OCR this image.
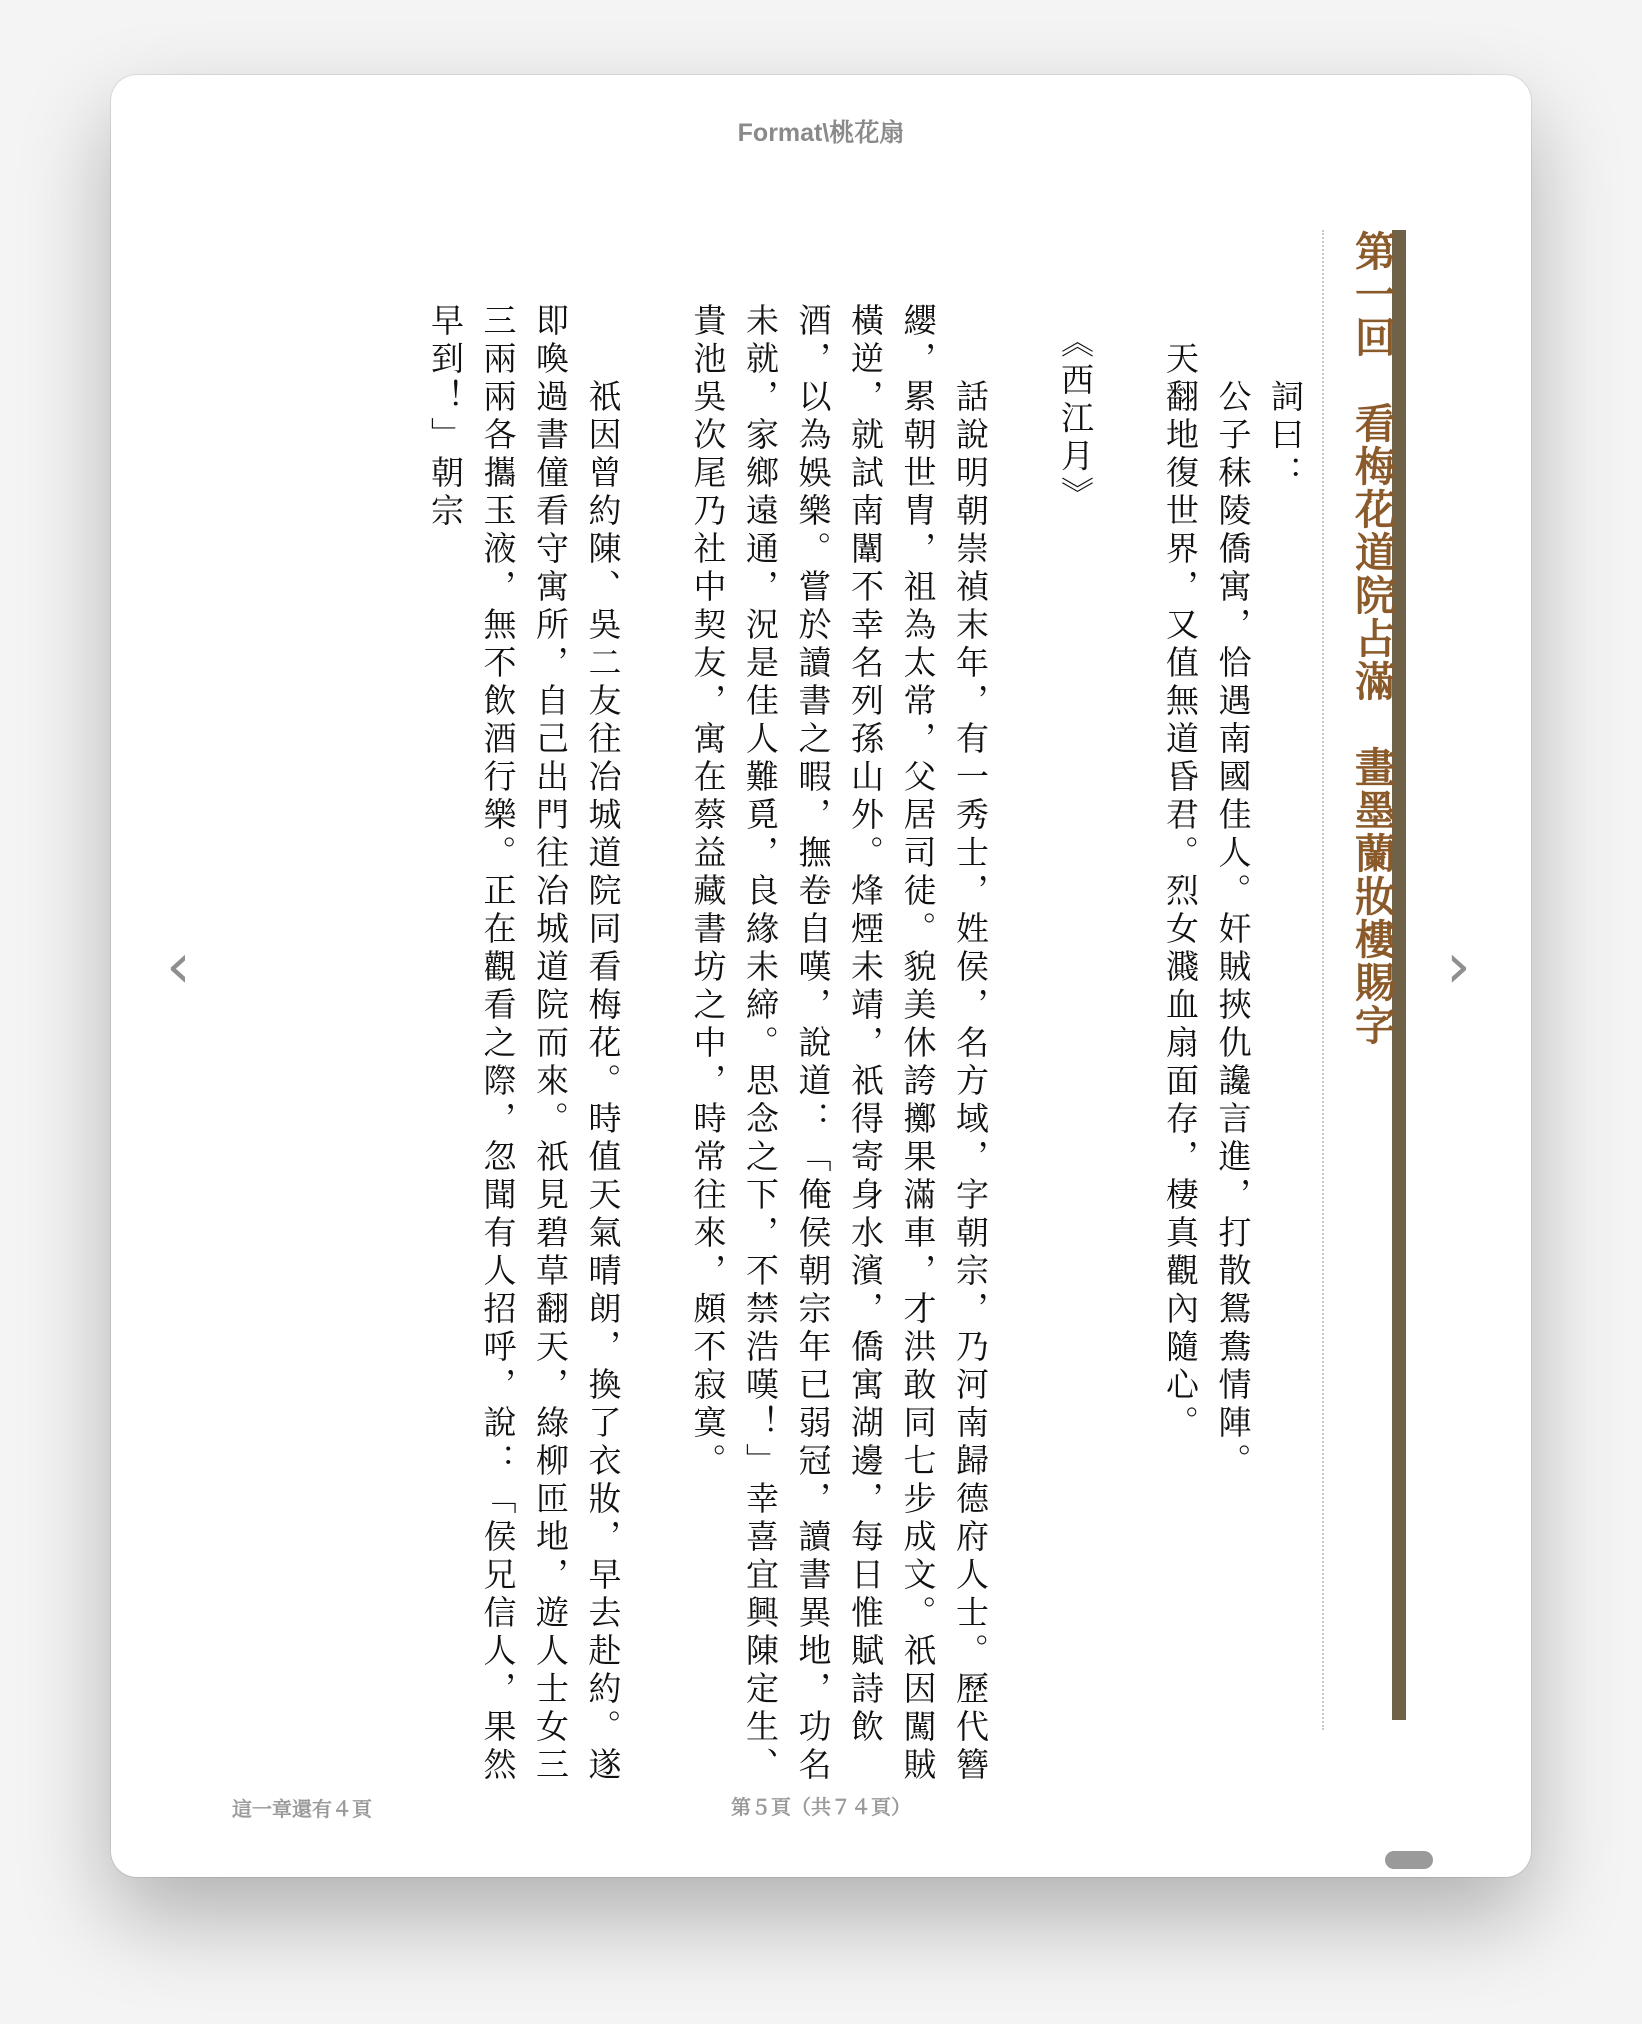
Format\桃花扇
‹	›
第一回　看梅花道院占滿　畫墨蘭妝樓賜字

　　詞曰：

　　公子秣陵僑寓，恰遇南國佳人。奸賊挾仇讒言進，打散鴛鴦情陣。

　天翻地復世界，又值無道昏君。烈女濺血扇面存，棲真觀內隨心。

　《西江月》

　　話說明朝崇禎末年，有一秀士，姓侯，名方域，字朝宗，乃河南歸德府人士。歷代簪纓，累朝世胄，祖為太常，父居司徒。貌美休誇擲果滿車，才洪敢同七步成文。祇因闖賊橫逆，就試南闈不幸名列孫山外。烽煙未靖，祇得寄身水濱，僑寓湖邊，每日惟賦詩飲酒，以為娛樂。嘗於讀書之暇，撫卷自嘆，說道：「俺侯朝宗年已弱冠，讀書異地，功名未就，家鄉遠通，況是佳人難覓，良緣未締。思念之下，不禁浩嘆！」幸喜宜興陳定生、貴池吳次尾乃社中契友，寓在蔡益藏書坊之中，時常往來，頗不寂寞。

　　祇因曾約陳、吳二友往冶城道院同看梅花。時值天氣晴朗，換了衣妝，早去赴約。遂即喚過書僮看守寓所，自己出門往冶城道院而來。祇見碧草翻天，綠柳匝地，遊人士女三三兩兩各攜玉液，無不飲酒行樂。正在觀看之際，忽聞有人招呼，說：「侯兄信人，果然早到！」朝宗

這一章還有４頁	第５頁（共７４頁）
